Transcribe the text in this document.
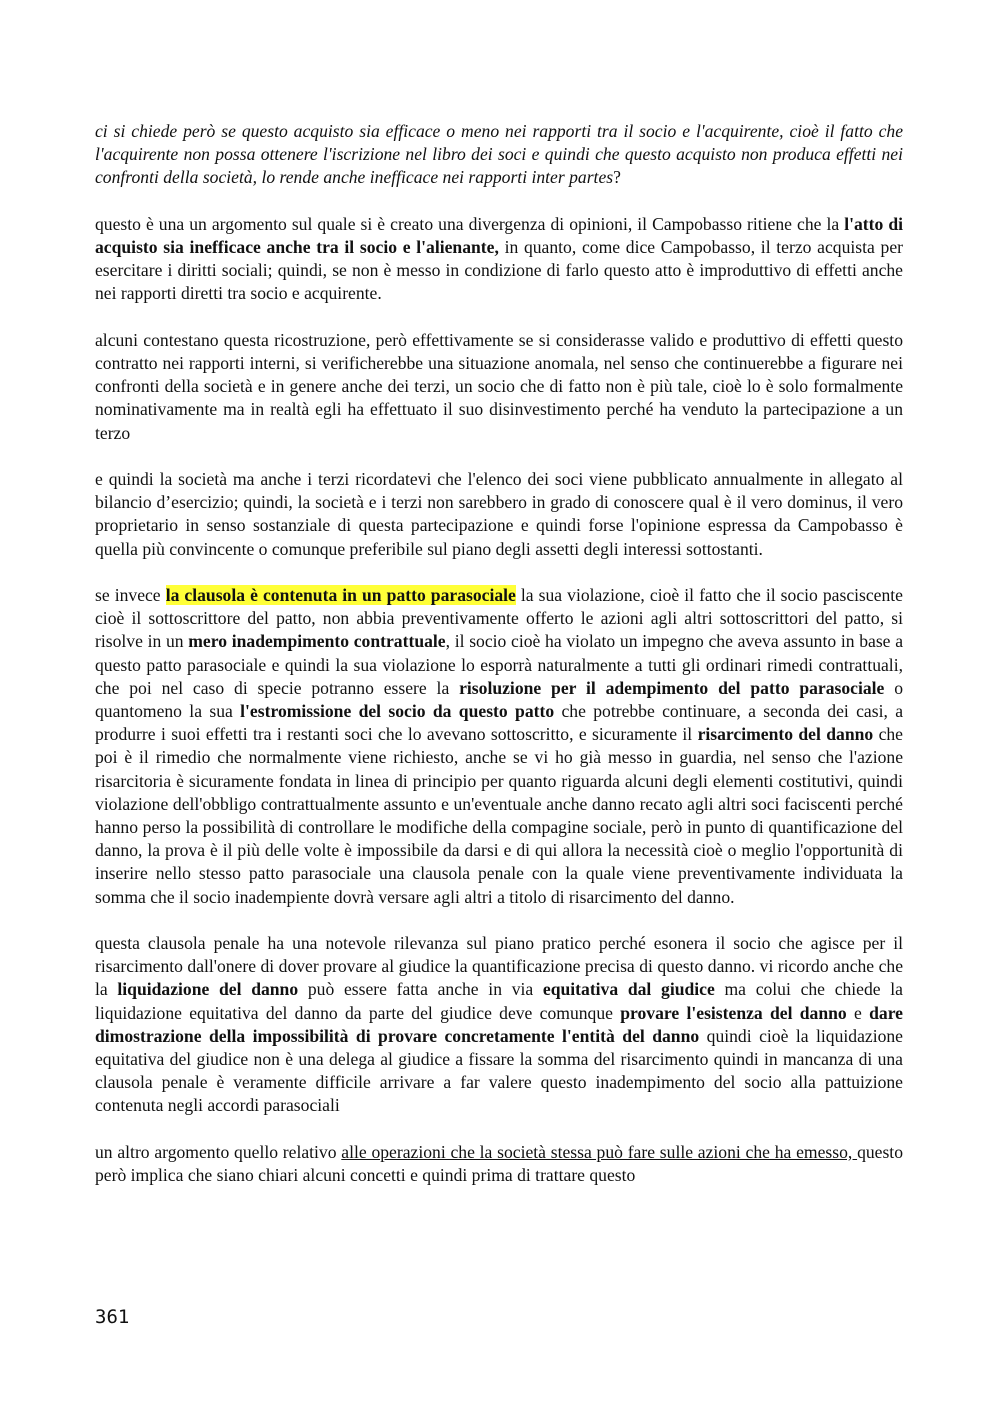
ci si chiede però se questo acquisto sia efficace o meno nei rapporti tra il socio e l'acquirente, cioè il fatto che l'acquirente non possa ottenere l'iscrizione nel libro dei soci e quindi che questo acquisto non produca effetti nei confronti della società, lo rende anche inefficace nei rapporti inter partes?

questo è una un argomento sul quale si è creato una divergenza di opinioni, il Campobasso ritiene che la l'atto di acquisto sia inefficace anche tra il socio e l'alienante, in quanto, come dice Campobasso, il terzo acquista per esercitare i diritti sociali; quindi, se non è messo in condizione di farlo questo atto è improduttivo di effetti anche nei rapporti diretti tra socio e acquirente.

alcuni contestano questa ricostruzione, però effettivamente se si considerasse valido e produttivo di effetti questo contratto nei rapporti interni, si verificherebbe una situazione anomala, nel senso che continuerebbe a figurare nei confronti della società e in genere anche dei terzi, un socio che di fatto non è più tale, cioè lo è solo formalmente nominativamente ma in realtà egli ha effettuato il suo disinvestimento perché ha venduto la partecipazione a un terzo

e quindi la società ma anche i terzi ricordatevi che l'elenco dei soci viene pubblicato annualmente in allegato al bilancio d’esercizio; quindi, la società e i terzi non sarebbero in grado di conoscere qual è il vero dominus, il vero proprietario in senso sostanziale di questa partecipazione e quindi forse l'opinione espressa da Campobasso è quella più convincente o comunque preferibile sul piano degli assetti degli interessi sottostanti.

se invece la clausola è contenuta in un patto parasociale la sua violazione, cioè il fatto che il socio pasciscente cioè il sottoscrittore del patto, non abbia preventivamente offerto le azioni agli altri sottoscrittori del patto, si risolve in un mero inadempimento contrattuale, il socio cioè ha violato un impegno che aveva assunto in base a questo patto parasociale e quindi la sua violazione lo esporrà naturalmente a tutti gli ordinari rimedi contrattuali, che poi nel caso di specie potranno essere la risoluzione per il adempimento del patto parasociale o quantomeno la sua l'estromissione del socio da questo patto che potrebbe continuare, a seconda dei casi, a produrre i suoi effetti tra i restanti soci che lo avevano sottoscritto, e sicuramente il risarcimento del danno che poi è il rimedio che normalmente viene richiesto, anche se vi ho già messo in guardia, nel senso che l'azione risarcitoria è sicuramente fondata in linea di principio per quanto riguarda alcuni degli elementi costitutivi, quindi violazione dell'obbligo contrattualmente assunto e un'eventuale anche danno recato agli altri soci faciscenti perché hanno perso la possibilità di controllare le modifiche della compagine sociale, però in punto di quantificazione del danno, la prova è il più delle volte è impossibile da darsi e di qui allora la necessità cioè o meglio l'opportunità di inserire nello stesso patto parasociale una clausola penale con la quale viene preventivamente individuata la somma che il socio inadempiente dovrà versare agli altri a titolo di risarcimento del danno.

questa clausola penale ha una notevole rilevanza sul piano pratico perché esonera il socio che agisce per il risarcimento dall'onere di dover provare al giudice la quantificazione precisa di questo danno. vi ricordo anche che la liquidazione del danno può essere fatta anche in via equitativa dal giudice ma colui che chiede la liquidazione equitativa del danno da parte del giudice deve comunque provare l'esistenza del danno e dare dimostrazione della impossibilità di provare concretamente l'entità del danno quindi cioè la liquidazione equitativa del giudice non è una delega al giudice a fissare la somma del risarcimento quindi in mancanza di una clausola penale è veramente difficile arrivare a far valere questo inadempimento del socio alla pattuizione contenuta negli accordi parasociali

un altro argomento quello relativo alle operazioni che la società stessa può fare sulle azioni che ha emesso, questo però implica che siano chiari alcuni concetti e quindi prima di trattare questo

361
